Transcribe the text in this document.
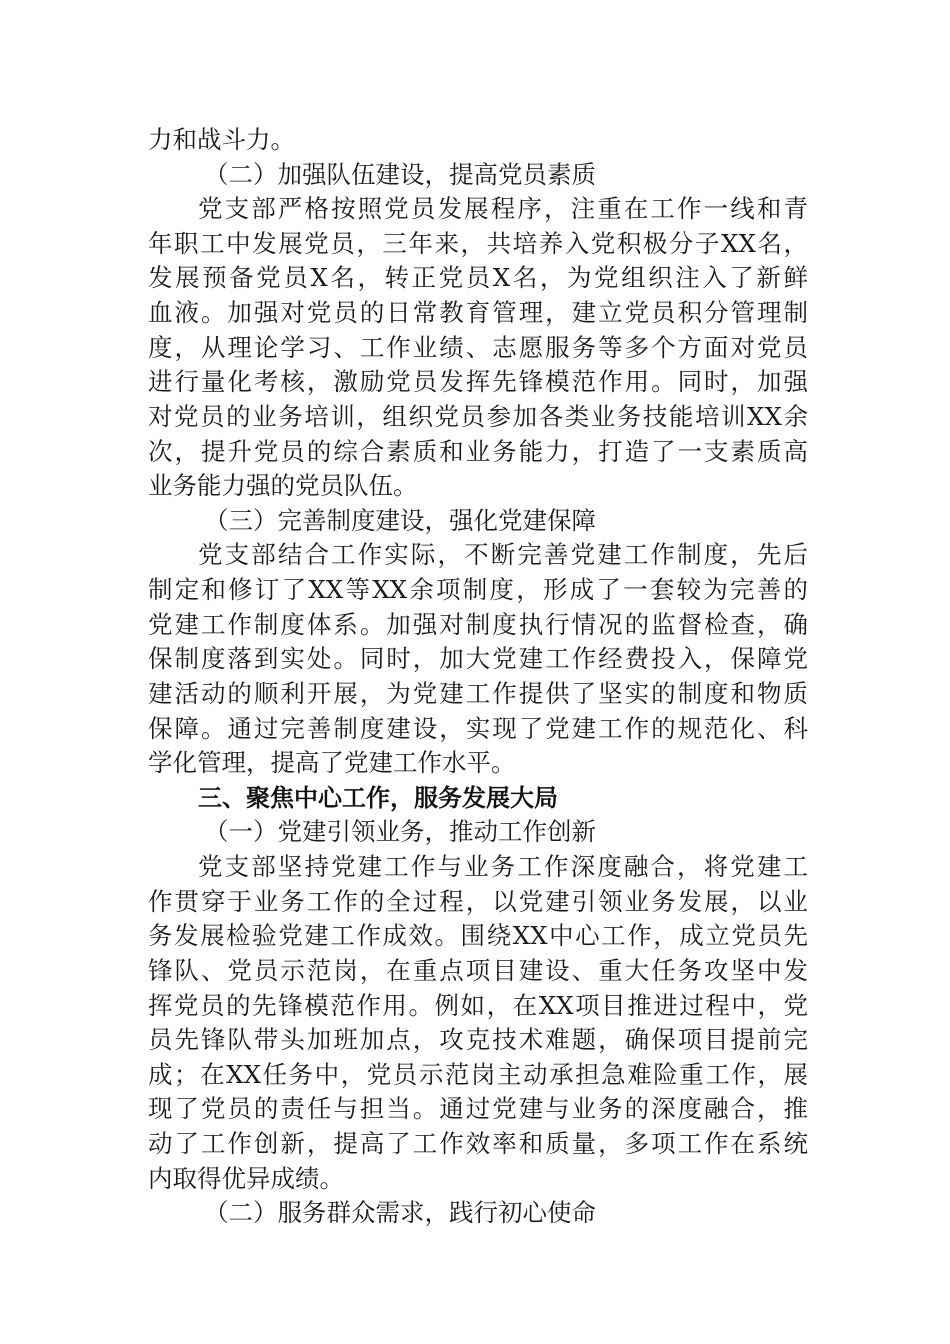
力和战斗力。
（二）加强队伍建设，提高党员素质
党支部严格按照党员发展程序，注重在工作一线和青
年职工中发展党员，三年来，共培养入党积极分子XX名，
发展预备党员X名，转正党员X名，为党组织注入了新鲜
血液。加强对党员的日常教育管理，建立党员积分管理制
度，从理论学习、工作业绩、志愿服务等多个方面对党员
进行量化考核，激励党员发挥先锋模范作用。同时，加强
对党员的业务培训，组织党员参加各类业务技能培训XX余
次，提升党员的综合素质和业务能力，打造了一支素质高
业务能力强的党员队伍。
（三）完善制度建设，强化党建保障
党支部结合工作实际，不断完善党建工作制度，先后
制定和修订了XX等XX余项制度，形成了一套较为完善的
党建工作制度体系。加强对制度执行情况的监督检查，确
保制度落到实处。同时，加大党建工作经费投入，保障党
建活动的顺利开展，为党建工作提供了坚实的制度和物质
保障。通过完善制度建设，实现了党建工作的规范化、科
学化管理，提高了党建工作水平。
三、聚焦中心工作，服务发展大局
（一）党建引领业务，推动工作创新
党支部坚持党建工作与业务工作深度融合，将党建工
作贯穿于业务工作的全过程，以党建引领业务发展，以业
务发展检验党建工作成效。围绕XX中心工作，成立党员先
锋队、党员示范岗，在重点项目建设、重大任务攻坚中发
挥党员的先锋模范作用。例如，在XX项目推进过程中，党
员先锋队带头加班加点，攻克技术难题，确保项目提前完
成；在XX任务中，党员示范岗主动承担急难险重工作，展
现了党员的责任与担当。通过党建与业务的深度融合，推
动了工作创新，提高了工作效率和质量，多项工作在系统
内取得优异成绩。
（二）服务群众需求，践行初心使命
